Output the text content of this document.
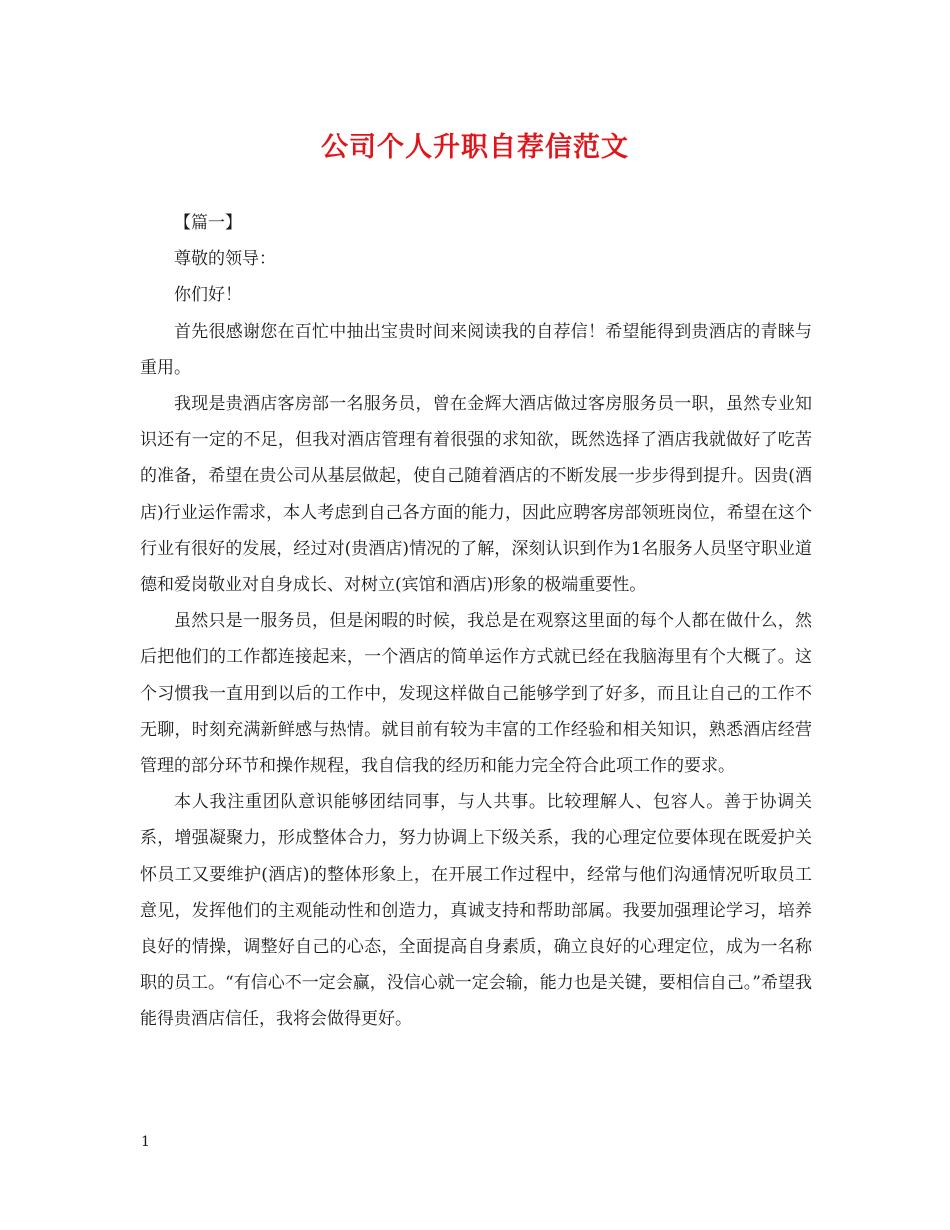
公司个人升职自荐信范文

【篇一】

尊敬的领导：

你们好！

首先很感谢您在百忙中抽出宝贵时间来阅读我的自荐信！希望能得到贵酒店的青睐与重用。

我现是贵酒店客房部一名服务员，曾在金辉大酒店做过客房服务员一职，虽然专业知识还有一定的不足，但我对酒店管理有着很强的求知欲，既然选择了酒店我就做好了吃苦的准备，希望在贵公司从基层做起，使自己随着酒店的不断发展一步步得到提升。因贵(酒店)行业运作需求，本人考虑到自己各方面的能力，因此应聘客房部领班岗位，希望在这个行业有很好的发展，经过对(贵酒店)情况的了解，深刻认识到作为1名服务人员坚守职业道德和爱岗敬业对自身成长、对树立(宾馆和酒店)形象的极端重要性。

虽然只是一服务员，但是闲暇的时候，我总是在观察这里面的每个人都在做什么，然后把他们的工作都连接起来，一个酒店的简单运作方式就已经在我脑海里有个大概了。这个习惯我一直用到以后的工作中，发现这样做自己能够学到了好多，而且让自己的工作不无聊，时刻充满新鲜感与热情。就目前有较为丰富的工作经验和相关知识，熟悉酒店经营管理的部分环节和操作规程，我自信我的经历和能力完全符合此项工作的要求。

本人我注重团队意识能够团结同事，与人共事。比较理解人、包容人。善于协调关系，增强凝聚力，形成整体合力，努力协调上下级关系，我的心理定位要体现在既爱护关怀员工又要维护(酒店)的整体形象上，在开展工作过程中，经常与他们沟通情况听取员工意见，发挥他们的主观能动性和创造力，真诚支持和帮助部属。我要加强理论学习，培养良好的情操，调整好自己的心态，全面提高自身素质，确立良好的心理定位，成为一名称职的员工。“有信心不一定会赢，没信心就一定会输，能力也是关键，要相信自己。”希望我能得贵酒店信任，我将会做得更好。

1
